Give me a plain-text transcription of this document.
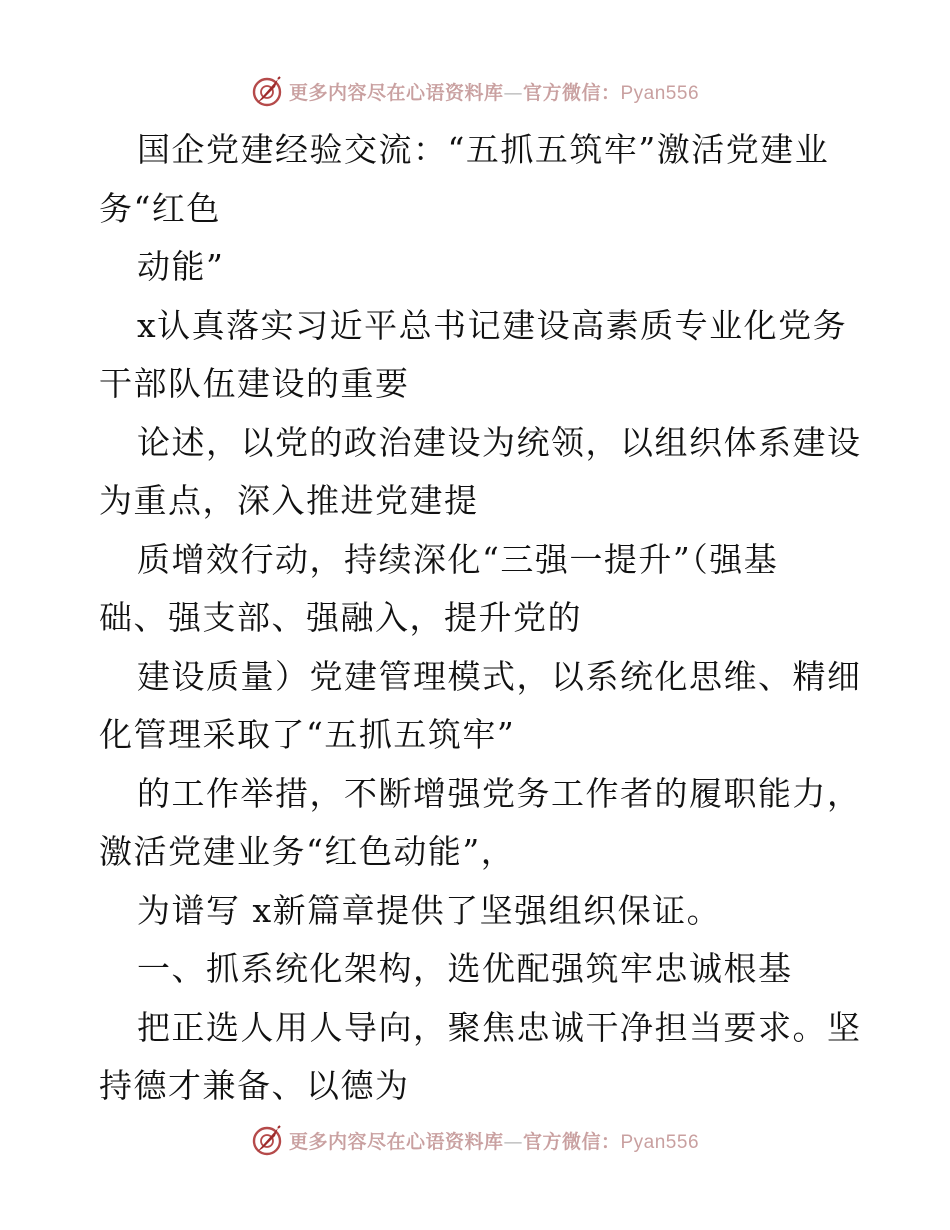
更多内容尽在心语资料库—官方微信：Pyan556
国企党建经验交流：“五抓五筑牢”激活党建业
务“红色
动能”
x认真落实习近平总书记建设高素质专业化党务
干部队伍建设的重要
论述，以党的政治建设为统领，以组织体系建设
为重点，深入推进党建提
质增效行动，持续深化“三强一提升”（强基
础、强支部、强融入，提升党的
建设质量）党建管理模式，以系统化思维、精细
化管理采取了“五抓五筑牢”
的工作举措，不断增强党务工作者的履职能力，
激活党建业务“红色动能”，
为谱写 x新篇章提供了坚强组织保证。
一、抓系统化架构，选优配强筑牢忠诚根基
把正选人用人导向，聚焦忠诚干净担当要求。坚
持德才兼备、以德为
更多内容尽在心语资料库—官方微信：Pyan556
